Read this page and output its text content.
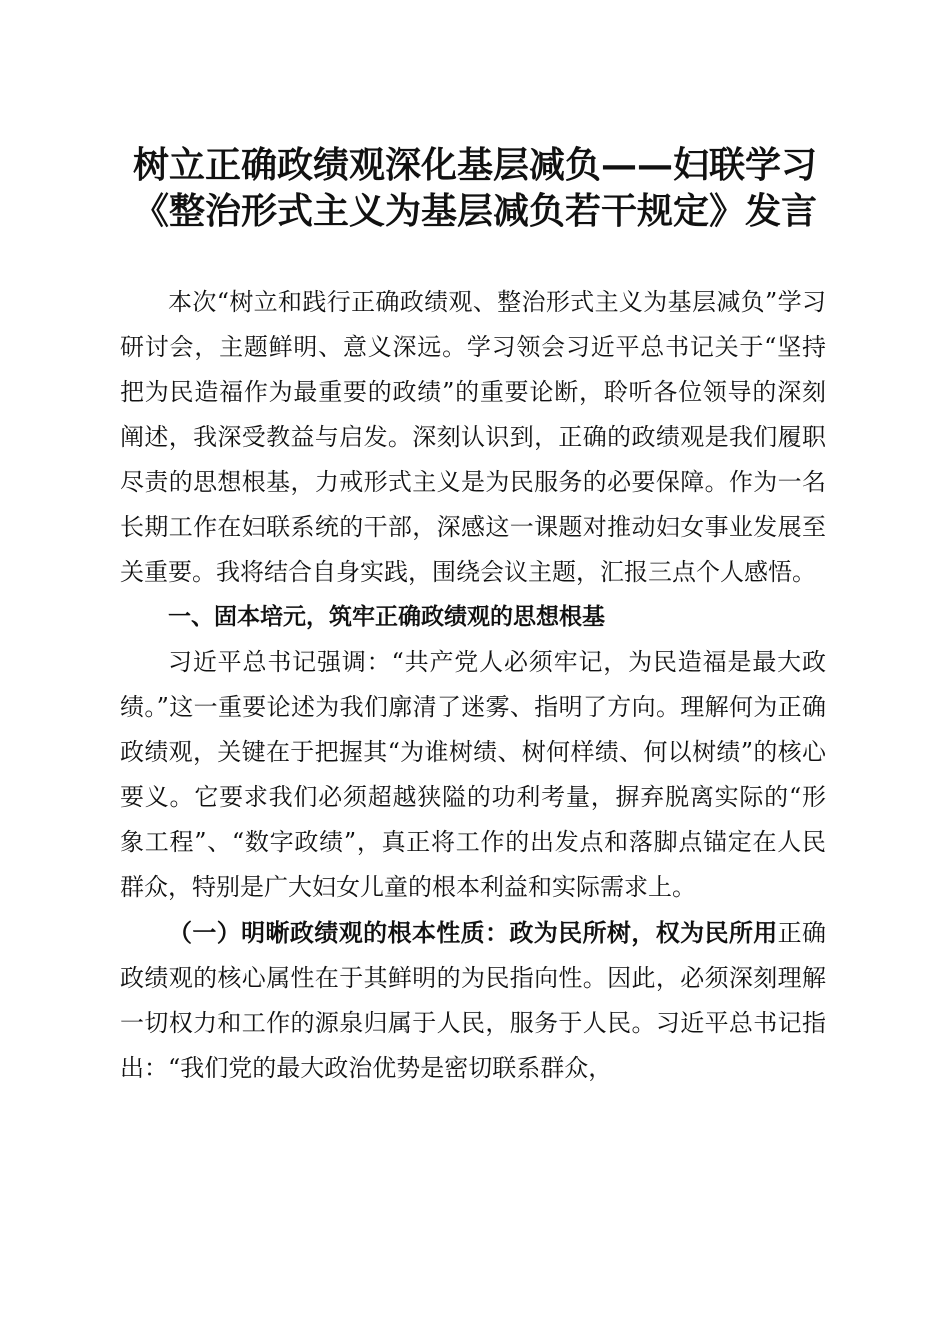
树立正确政绩观深化基层减负——妇联学习
《整治形式主义为基层减负若干规定》发言

本次“树立和践行正确政绩观、整治形式主义为基层减负”学习研讨会，主题鲜明、意义深远。学习领会习近平总书记关于“坚持把为民造福作为最重要的政绩”的重要论断，聆听各位领导的深刻阐述，我深受教益与启发。深刻认识到，正确的政绩观是我们履职尽责的思想根基，力戒形式主义是为民服务的必要保障。作为一名长期工作在妇联系统的干部，深感这一课题对推动妇女事业发展至关重要。我将结合自身实践，围绕会议主题，汇报三点个人感悟。

一、固本培元，筑牢正确政绩观的思想根基

习近平总书记强调：“共产党人必须牢记，为民造福是最大政绩。”这一重要论述为我们廓清了迷雾、指明了方向。理解何为正确政绩观，关键在于把握其“为谁树绩、树何样绩、何以树绩”的核心要义。它要求我们必须超越狭隘的功利考量，摒弃脱离实际的“形象工程”、“数字政绩”，真正将工作的出发点和落脚点锚定在人民群众，特别是广大妇女儿童的根本利益和实际需求上。

（一）明晰政绩观的根本性质：政为民所树，权为民所用正确政绩观的核心属性在于其鲜明的为民指向性。因此，必须深刻理解一切权力和工作的源泉归属于人民，服务于人民。习近平总书记指出：“我们党的最大政治优势是密切联系群众，
